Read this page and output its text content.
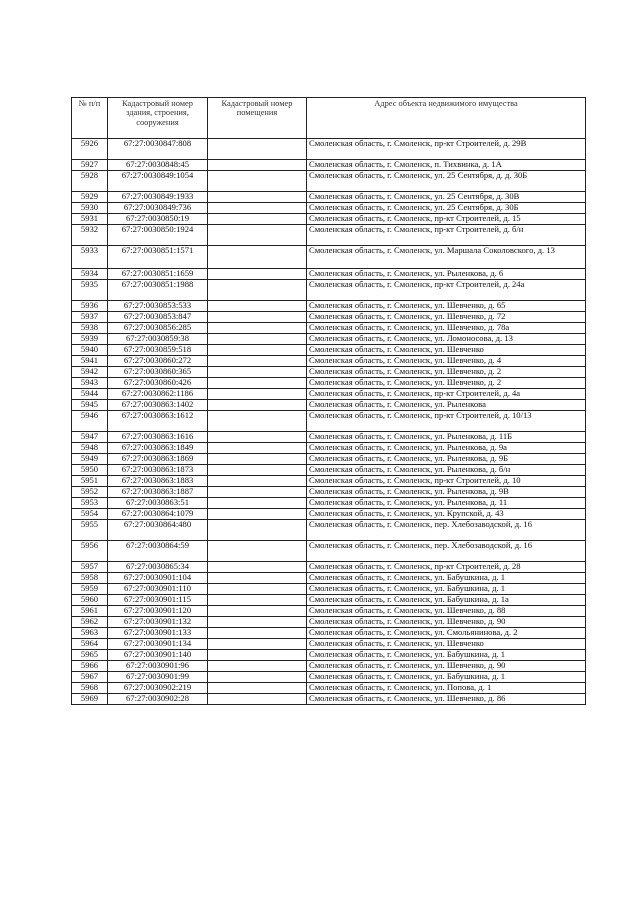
№ п/п	Кадастровый номер здания, строения, сооружения	Кадастровый номер помещения	Адрес объекта недвижимого имущества
5926	67:27:0030847:808		Смоленская область, г. Смоленск, пр-кт Строителей, д. 29В
5927	67:27:0030848:45		Смоленская область, г. Смоленск, п. Тихвинка, д. 1А
5928	67:27:0030849:1054		Смоленская область, г. Смоленск, ул. 25 Сентября, д. д. 30Б
5929	67:27:0030849:1933		Смоленская область, г. Смоленск, ул. 25 Сентября, д. 30В
5930	67:27:0030849:736		Смоленская область, г. Смоленск, ул. 25 Сентября, д. 30Б
5931	67:27:0030850:19		Смоленская область, г. Смоленск, пр-кт Строителей, д. 15
5932	67:27:0030850:1924		Смоленская область, г. Смоленск, пр-кт Строителей, д. б/н
5933	67:27:0030851:1571		Смоленская область, г. Смоленск, ул. Маршала Соколовского, д. 13
5934	67:27:0030851:1659		Смоленская область, г. Смоленск, ул. Рыленкова, д. 6
5935	67:27:0030851:1988		Смоленская область, г. Смоленск, пр-кт Строителей, д. 24а
5936	67:27:0030853:533		Смоленская область, г. Смоленск, ул. Шевченко, д. 65
5937	67:27:0030853:847		Смоленская область, г. Смоленск, ул. Шевченко, д. 72
5938	67:27:0030856:285		Смоленская область, г. Смоленск, ул. Шевченко, д. 78а
5939	67:27:0030859:38		Смоленская область, г. Смоленск, ул. Ломоносова, д. 13
5940	67:27:0030859:518		Смоленская область, г. Смоленск, ул. Шевченко
5941	67:27:0030860:272		Смоленская область, г. Смоленск, ул. Шевченко, д. 4
5942	67:27:0030860:365		Смоленская область, г. Смоленск, ул. Шевченко, д. 2
5943	67:27:0030860:426		Смоленская область, г. Смоленск, ул. Шевченко, д. 2
5944	67:27:0030862:1186		Смоленская область, г. Смоленск, пр-кт Строителей, д. 4а
5945	67:27:0030863:1402		Смоленская область, г. Смоленск, ул. Рыленкова
5946	67:27:0030863:1612		Смоленская область, г. Смоленск, пр-кт Строителей, д. 10/13
5947	67:27:0030863:1616		Смоленская область, г. Смоленск, ул. Рыленкова, д. 11Б
5948	67:27:0030863:1849		Смоленская область, г. Смоленск, ул. Рыленкова, д. 9а
5949	67:27:0030863:1869		Смоленская область, г. Смоленск, ул. Рыленкова, д. 9Б
5950	67:27:0030863:1873		Смоленская область, г. Смоленск, ул. Рыленкова, д. б/н
5951	67:27:0030863:1883		Смоленская область, г. Смоленск, пр-кт Строителей, д. 10
5952	67:27:0030863:1887		Смоленская область, г. Смоленск, ул. Рыленкова, д. 9В
5953	67:27:0030863:51		Смоленская область, г. Смоленск, ул. Рыленкова, д. 11
5954	67:27:0030864:1079		Смоленская область, г. Смоленск, ул. Крупской, д. 43
5955	67:27:0030864:480		Смоленская область, г. Смоленск, пер. Хлебозаводской, д. 16
5956	67:27:0030864:59		Смоленская область, г. Смоленск, пер. Хлебозаводской, д. 16
5957	67:27:0030865:34		Смоленская область, г. Смоленск, пр-кт Строителей, д. 28
5958	67:27:0030901:104		Смоленская область, г. Смоленск, ул. Бабушкина, д. 1
5959	67:27:0030901:110		Смоленская область, г. Смоленск, ул. Бабушкина, д. 1
5960	67:27:0030901:115		Смоленская область, г. Смоленск, ул. Бабушкина, д. 1а
5961	67:27:0030901:120		Смоленская область, г. Смоленск, ул. Шевченко, д. 88
5962	67:27:0030901:132		Смоленская область, г. Смоленск, ул. Шевченко, д. 90
5963	67:27:0030901:133		Смоленская область, г. Смоленск, ул. Смольянинова, д. 2
5964	67:27:0030901:134		Смоленская область, г. Смоленск, ул. Шевченко
5965	67:27:0030901:140		Смоленская область, г. Смоленск, ул. Бабушкина, д. 1
5966	67:27:0030901:96		Смоленская область, г. Смоленск, ул. Шевченко, д. 90
5967	67:27:0030901:99		Смоленская область, г. Смоленск, ул. Бабушкина, д. 1
5968	67:27:0030902:219		Смоленская область, г. Смоленск, ул. Попова, д. 1
5969	67:27:0030902:28		Смоленская область, г. Смоленск, ул. Шевченко, д. 86
